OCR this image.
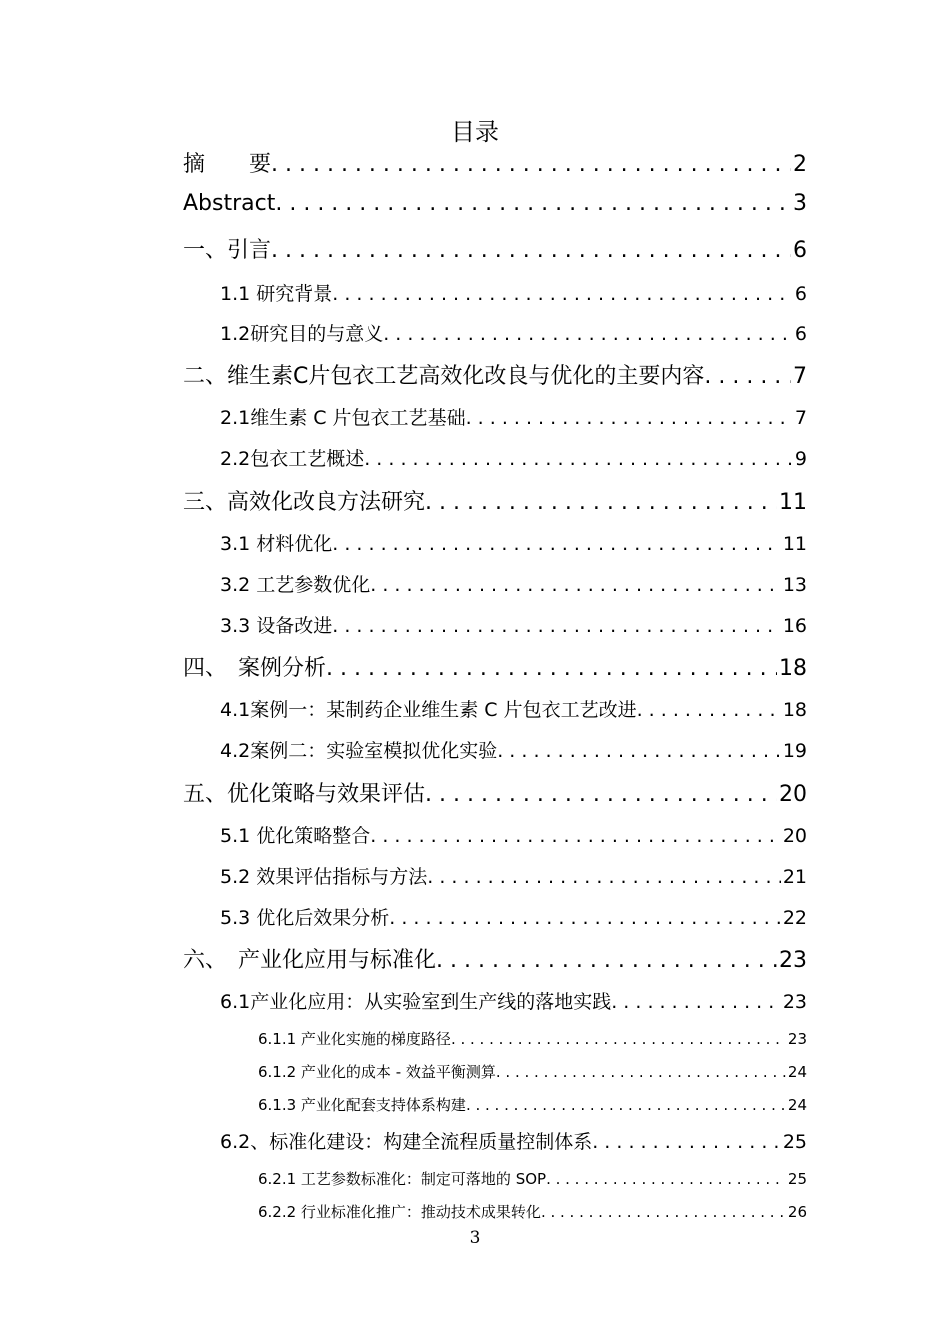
目录
摘　　要 . . .	2
Abstract . . .	3
一、引言 . . .	6
1.1 研究背景 . . .	6
1.2研究目的与意义 . . .	6
二、维生素C片包衣工艺高效化改良与优化的主要内容 . . .	7
2.1维生素 C 片包衣工艺基础 . . .	7
2.2包衣工艺概述 . . .	9
三、高效化改良方法研究 . . .	11
3.1 材料优化 . . .	11
3.2 工艺参数优化 . . .	13
3.3 设备改进 . . .	16
四、　案例分析 . . .	18
4.1案例一：某制药企业维生素 C 片包衣工艺改进 . . .	18
4.2案例二：实验室模拟优化实验 . . .	19
五、优化策略与效果评估 . . .	20
5.1 优化策略整合 . . .	20
5.2 效果评估指标与方法 . . .	21
5.3 优化后效果分析 . . .	22
六、　产业化应用与标准化 . . .	23
6.1产业化应用：从实验室到生产线的落地实践 . . .	23
6.1.1 产业化实施的梯度路径 . . .	23
6.1.2 产业化的成本 - 效益平衡测算 . . .	24
6.1.3 产业化配套支持体系构建 . . .	24
6.2、标准化建设：构建全流程质量控制体系 . . .	25
6.2.1 工艺参数标准化：制定可落地的 SOP . . .	25
6.2.2 行业标准化推广：推动技术成果转化 . . .	26
3
